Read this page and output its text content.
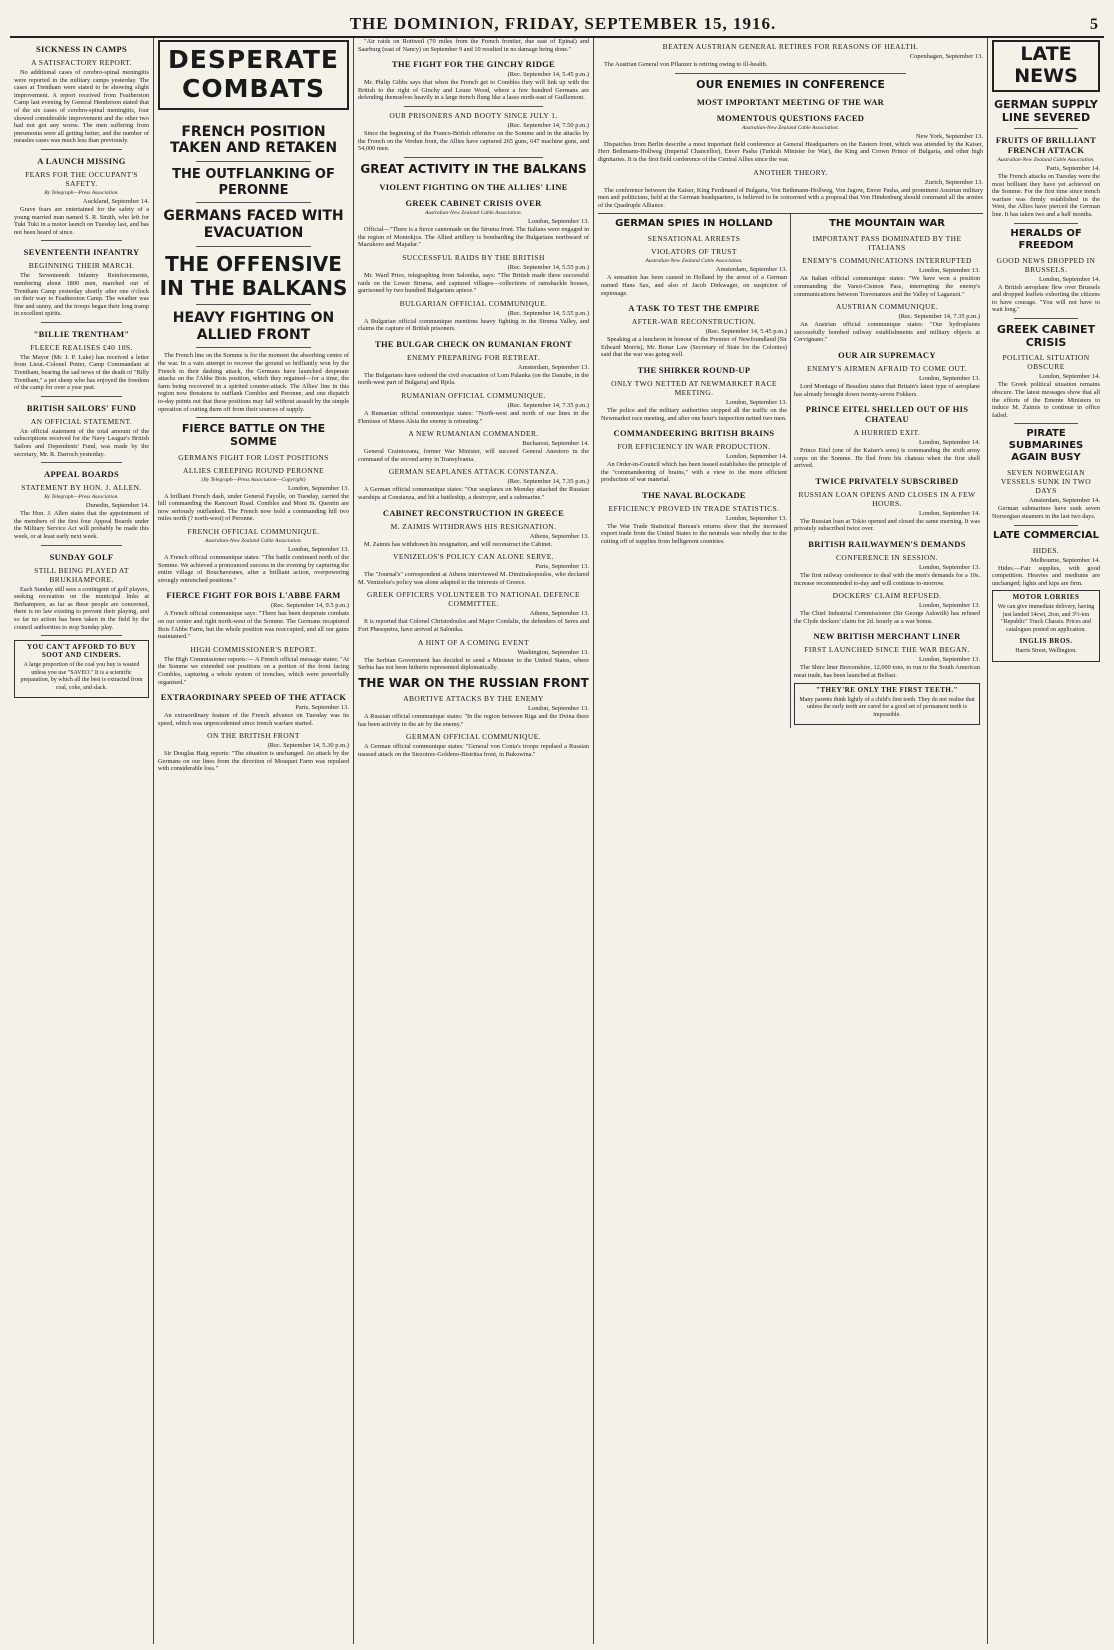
THE DOMINION, FRIDAY, SEPTEMBER 15, 1916.	5
SICKNESS IN CAMPS
A SATISFACTORY REPORT.

No additional cases of cerebro-spinal meningitis were reported in the military camps yesterday. The cases at Trentham were stated to be showing slight improvement. A report received from Featherston Camp last evening by General Henderson stated that of the six cases of cerebro-spinal meningitis, four showed considerable improvement and the other two had not got any worse. The men suffering from pneumonia were all getting better, and the number of measles cases was much less than previously.

A LAUNCH MISSING
FEARS FOR THE OCCUPANT'S SAFETY.
By Telegraph—Press Association.
Auckland, September 14.

Grave fears are entertained for the safety of a young married man named S. R. Smith, who left for Tuki Tuki in a motor launch on Tuesday last, and has not been heard of since.

SEVENTEENTH INFANTRY
BEGINNING THEIR MARCH.

The Seventeenth Infantry Reinforcements, numbering about 1800 men, marched out of Trentham Camp yesterday shortly after one o'clock on their way to Featherston Camp. The weather was fine and sunny, and the troops began their long tramp in excellent spirits.

"BILLIE TRENTHAM"
FLEECE REALISES £40 10S.

The Mayor (Mr. J. P. Luke) has received a letter from Lieut.-Colonel Potter, Camp Commandant at Trentham, bearing the sad news of the death of "Billy Trentham," a pet sheep who has enjoyed the freedom of the camp for over a year past.

BRITISH SAILORS' FUND
AN OFFICIAL STATEMENT.

An official statement of the total amount of the subscriptions received for the Navy League's British Sailors and Dependents' Fund, was made by the secretary, Mr. R. Darroch yesterday.

APPEAL BOARDS
STATEMENT BY HON. J. ALLEN.
By Telegraph—Press Association.
Dunedin, September 14.

The Hon. J. Allen states that the appointment of the members of the first four Appeal Boards under the Military Service Act will probably be made this week, or at least early next week.

SUNDAY GOLF
STILL BEING PLAYED AT BRUKHAMPORE.

Each Sunday still sees a contingent of golf players, seeking recreation on the municipal links at Berhampore, as far as these people are concerned, there is no law existing to prevent their playing, and so far no action has been taken in the field by the council authorities to stop Sunday play.

YOU CAN'T AFFORD TO BUY SOOT AND CINDERS.
A large proportion of the coal you buy is wasted unless you use "SAVEO." It is a scientific preparation, by which all the best is extracted from coal, coke, and slack.
DESPERATE COMBATS
FRENCH POSITION TAKEN AND RETAKEN
THE OUTFLANKING OF PERONNE
GERMANS FACED WITH EVACUATION
THE OFFENSIVE IN THE BALKANS
HEAVY FIGHTING ON ALLIED FRONT

The French line on the Somme is for the moment the absorbing centre of the war. In a vain attempt to recover the ground so brilliantly won by the French in their dashing attack, the Germans have launched desperate attacks on the l'Abbe Bois position, which they regained—for a time, the farm being recovered in a spirited counter-attack. The Allies' line in this region now threatens to outflank Combles and Peronne, and one dispatch to-day points out that these positions may fall without assault by the simple operation of cutting them off from their sources of supply.

FIERCE BATTLE ON THE SOMME
GERMANS FIGHT FOR LOST POSITIONS
ALLIES CREEPING ROUND PERONNE
(By Telegraph—Press Association—Copyright)
London, September 13.

A brilliant French dash, under General Fayolle, on Tuesday, carried the hill commanding the Rancourt Road. Combles and Mont St. Quentin are now seriously outflanked. The French now hold a commanding hill two miles north (? north-west) of Peronne.

FRENCH OFFICIAL COMMUNIQUE.
Australian-New Zealand Cable Association.
London, September 13.

A French official communique states: "The battle continued north of the Somme. We achieved a pronounced success in the evening by capturing the entire village of Bouchavesnes, after a brilliant action, overpowering strongly entrenched positions."

FIERCE FIGHT FOR BOIS L'ABBE FARM
(Rec. September 14, 9.5 p.m.)

A French official communique says: "There has been desperate combats on our centre and right north-west of the Somme. The Germans recaptured Bois l'Abbe Farm, but the whole position was reoccupied, and all our gains maintained."

HIGH COMMISSIONER'S REPORT.

The High Commissioner reports:— A French official message states: "At the Somme we extended our positions on a portion of the front facing Combles, capturing a whole system of trenches, which were powerfully organised."

EXTRAORDINARY SPEED OF THE ATTACK
Paris, September 13.

An extraordinary feature of the French advance on Tuesday was its speed, which was unprecedented since trench warfare started.

ON THE BRITISH FRONT
(Rec. September 14, 5.30 p.m.)

Sir Douglas Haig reports: "The situation is unchanged. An attack by the Germans on our lines from the direction of Mouquet Farm was repulsed with considerable loss."

"Air raids on Rottweil (70 miles from the French frontier, due east of Epinal) and Saarburg (east of Nancy) on September 9 and 10 resulted in no damage being done."

THE FIGHT FOR THE GINCHY RIDGE
(Rec. September 14, 5.45 p.m.)

Mr. Philip Gibbs says that when the French get to Combles they will link up with the British to the right of Ginchy and Leuze Wood, where a few hundred Germans are defending themselves heavily in a large trench flung like a lasso north-east of Guillemont.

OUR PRISONERS AND BOOTY SINCE JULY 1.
(Rec. September 14, 7.50 p.m.)

Since the beginning of the Franco-British offensive on the Somme and in the attacks by the French on the Verdun front, the Allies have captured 265 guns, 647 machine guns, and 54,000 men.

GREAT ACTIVITY IN THE BALKANS
VIOLENT FIGHTING ON THE ALLIES' LINE
GREEK CABINET CRISIS OVER
Australian-New Zealand Cable Association.
London, September 13.

Official—"There is a fierce cannonade on the Struma front. The Italians were engaged in the region of Montokjos. The Allied artillery is bombarding the Bulgarians northward of Mazukoro and Majadar."

SUCCESSFUL RAIDS BY THE BRITISH
(Rec. September 14, 5.55 p.m.)

Mr. Ward Price, telegraphing from Salonika, says: "The British made three successful raids on the Lower Struma, and captured villages—collections of ramshackle houses, garrisoned by two hundred Bulgarians apiece."

BULGARIAN OFFICIAL COMMUNIQUE.
(Rec. September 14, 5.55 p.m.)

A Bulgarian official communique mentions heavy fighting in the Struma Valley, and claims the capture of British prisoners.

THE BULGAR CHECK ON RUMANIAN FRONT
ENEMY PREPARING FOR RETREAT.
Amsterdam, September 13.

The Bulgarians have ordered the civil evacuation of Lom Palanka (on the Danube, in the north-west part of Bulgaria) and Rjela.

RUMANIAN OFFICIAL COMMUNIQUE.
(Rec. September 14, 7.35 p.m.)

A Rumanian official communique states: "North-west and north of our lines in the Flemisse of Mares Alsia the enemy is retreating."

A NEW RUMANIAN COMMANDER.
Bucharest, September 14.

General Crainiceanu, former War Minister, will succeed General Anestoro in the command of the second army in Transylvania.

GERMAN SEAPLANES ATTACK CONSTANZA.
(Rec. September 14, 7.35 p.m.)

A German official communique states: "Our seaplanes on Monday attacked the Russian warships at Constanza, and hit a battleship, a destroyer, and a submarine."

CABINET RECONSTRUCTION IN GREECE
M. ZAIMIS WITHDRAWS HIS RESIGNATION.
Athens, September 13.

M. Zaimis has withdrawn his resignation, and will reconstruct the Cabinet.

VENIZELOS'S POLICY CAN ALONE SERVE.
Paris, September 13.

The "Journal's" correspondent at Athens interviewed M. Dimitrakopoulos, who declared M. Venizelos's policy was alone adapted to the interests of Greece.

GREEK OFFICERS VOLUNTEER TO NATIONAL DEFENCE COMMITTEE.
Athens, September 13.

It is reported that Colonel Christodoulos and Major Condalis, the defenders of Seres and Fort Phesopetra, have arrived at Salonika.

A HINT OF A COMING EVENT
Washington, September 13.

The Serbian Government has decided to send a Minister to the United States, where Serbia has not been hitherto represented diplomatically.

THE WAR ON THE RUSSIAN FRONT
ABORTIVE ATTACKS BY THE ENEMY
London, September 13.

A Russian official communique states: "In the region between Riga and the Dvina there has been activity in the air by the enemy."

GERMAN OFFICIAL COMMUNIQUE.

A German official communique states: "General von Conta's troops repulsed a Russian massed attack on the Siezotrez-Goldeno-Bistritsa front, in Bukowina."

BEATEN AUSTRIAN GENERAL RETIRES FOR REASONS OF HEALTH.
Copenhagen, September 13.

The Austrian General von Pflanzer is retiring owing to ill-health.

OUR ENEMIES IN CONFERENCE
MOST IMPORTANT MEETING OF THE WAR
MOMENTOUS QUESTIONS FACED
Australian-New Zealand Cable Association.
New York, September 13.

Dispatches from Berlin describe a most important field conference at General Headquarters on the Eastern front, which was attended by the Kaiser, Herr Bethmann-Hollweg (Imperial Chancellor), Enver Pasha (Turkish Minister for War), the King and Crown Prince of Bulgaria, and other high dignitaries. It is the first field conference of the Central Allies since the war.

ANOTHER THEORY.
Zurich, September 13.

The conference between the Kaiser, King Ferdinand of Bulgaria, Von Bethmann-Hollweg, Von Jagow, Enver Pasha, and prominent Austrian military men and politicians, held at the German headquarters, is believed to be concerned with a proposal that Von Hindenburg should command all the armies of the Quadruple Alliance.

GERMAN SPIES IN HOLLAND
SENSATIONAL ARRESTS
VIOLATORS OF TRUST
Australian-New Zealand Cable Association.
Amsterdam, September 13.

A sensation has been caused in Holland by the arrest of a German named Hans Sax, and also of Jacob Dirkwager, on suspicion of espionage.

A TASK TO TEST THE EMPIRE
AFTER-WAR RECONSTRUCTION.
(Rec. September 14, 5.45 p.m.)

Speaking at a luncheon in honour of the Premier of Newfoundland (Sir Edward Morris), Mr. Bonar Law (Secretary of State for the Colonies) said that the war was going well.

THE SHIRKER ROUND-UP
ONLY TWO NETTED AT NEWMARKET RACE MEETING.
London, September 13.

The police and the military authorities stopped all the traffic on the Newmarket race meeting, and after one hour's inspection netted two men.

COMMANDEERING BRITISH BRAINS
FOR EFFICIENCY IN WAR PRODUCTION.
London, September 14.

An Order-in-Council which has been issued establishes the principle of the "commandeering of brains," with a view to the more efficient production of war material.

THE NAVAL BLOCKADE
EFFICIENCY PROVED IN TRADE STATISTICS.
London, September 13.

The War Trade Statistical Bureau's returns show that the increased export trade from the United States to the neutrals was wholly due to the cutting off of supplies from belligerent countries.

THE MOUNTAIN WAR
IMPORTANT PASS DOMINATED BY THE ITALIANS
ENEMY'S COMMUNICATIONS INTERRUPTED
London, September 13.

An Italian official communique states: "We have won a position commanding the Vanoi-Cismon Pass, interrupting the enemy's communications between Travenanzes and the Valley of Lagazuoi."

AUSTRIAN COMMUNIQUE.
(Rec. September 14, 7.35 p.m.)

An Austrian official communique states: "Our hydroplanes successfully bombed railway establishments and military objects at Cervignano."

OUR AIR SUPREMACY
ENEMY'S AIRMEN AFRAID TO COME OUT.
London, September 13.

Lord Montagu of Beaulieu states that Britain's latest type of aeroplane has already brought down twenty-seven Fokkers.

PRINCE EITEL SHELLED OUT OF HIS CHATEAU
A HURRIED EXIT.
London, September 14.

Prince Eitel (one of the Kaiser's sons) is commanding the sixth army corps on the Somme. He fled from his chateau when the first shell arrived.

TWICE PRIVATELY SUBSCRIBED
RUSSIAN LOAN OPENS AND CLOSES IN A FEW HOURS.
London, September 14.

The Russian loan at Tokio opened and closed the same morning. It was privately subscribed twice over.

BRITISH RAILWAYMEN'S DEMANDS
CONFERENCE IN SESSION.
London, September 13.

The first railway conference to deal with the men's demands for a 10s. increase recommended to-day and will continue to-morrow.

DOCKERS' CLAIM REFUSED.
London, September 13.

The Chief Industrial Commissioner (Sir George Askwith) has refused the Clyde dockers' claim for 2d. hourly as a war bonus.

NEW BRITISH MERCHANT LINER
FIRST LAUNCHED SINCE THE WAR BEGAN.
London, September 13.

The Shire liner Breconshire, 12,000 tons, to run to the South American meat trade, has been launched at Belfast.

"THEY'RE ONLY THE FIRST TEETH."
Many parents think lightly of a child's first teeth. They do not realise that unless the early teeth are cared for a good set of permanent teeth is impossible.
LATE NEWS
GERMAN SUPPLY LINE SEVERED
FRUITS OF BRILLIANT FRENCH ATTACK
Australian-New Zealand Cable Association.
Paris, September 14.

The French attacks on Tuesday were the most brilliant they have yet achieved on the Somme. For the first time since trench warfare was firmly established in the West, the Allies have pierced the German line. It has taken two and a half months.

HERALDS OF FREEDOM
GOOD NEWS DROPPED IN BRUSSELS.
London, September 14.

A British aeroplane flew over Brussels and dropped leaflets exhorting the citizens to have courage. "You will not have to wait long."

GREEK CABINET CRISIS
POLITICAL SITUATION OBSCURE
London, September 14.

The Greek political situation remains obscure. The latest messages show that all the efforts of the Entente Ministers to induce M. Zaimis to continue in office failed.

PIRATE SUBMARINES AGAIN BUSY
SEVEN NORWEGIAN VESSELS SUNK IN TWO DAYS
Amsterdam, September 14.

German submarines have sunk seven Norwegian steamers in the last two days.

LATE COMMERCIAL
HIDES.
Melbourne, September 14.

Hides.—Fair supplies, with good competition. Heavies and mediums are unchanged; lights and kips are firm.

MOTOR LORRIES
We can give immediate delivery, having just landed 14cwt, 2ton, and 3½-ton "Republic" Truck Chassis. Prices and catalogues posted on application.
INGLIS BROS.
Harris Street, Wellington.
